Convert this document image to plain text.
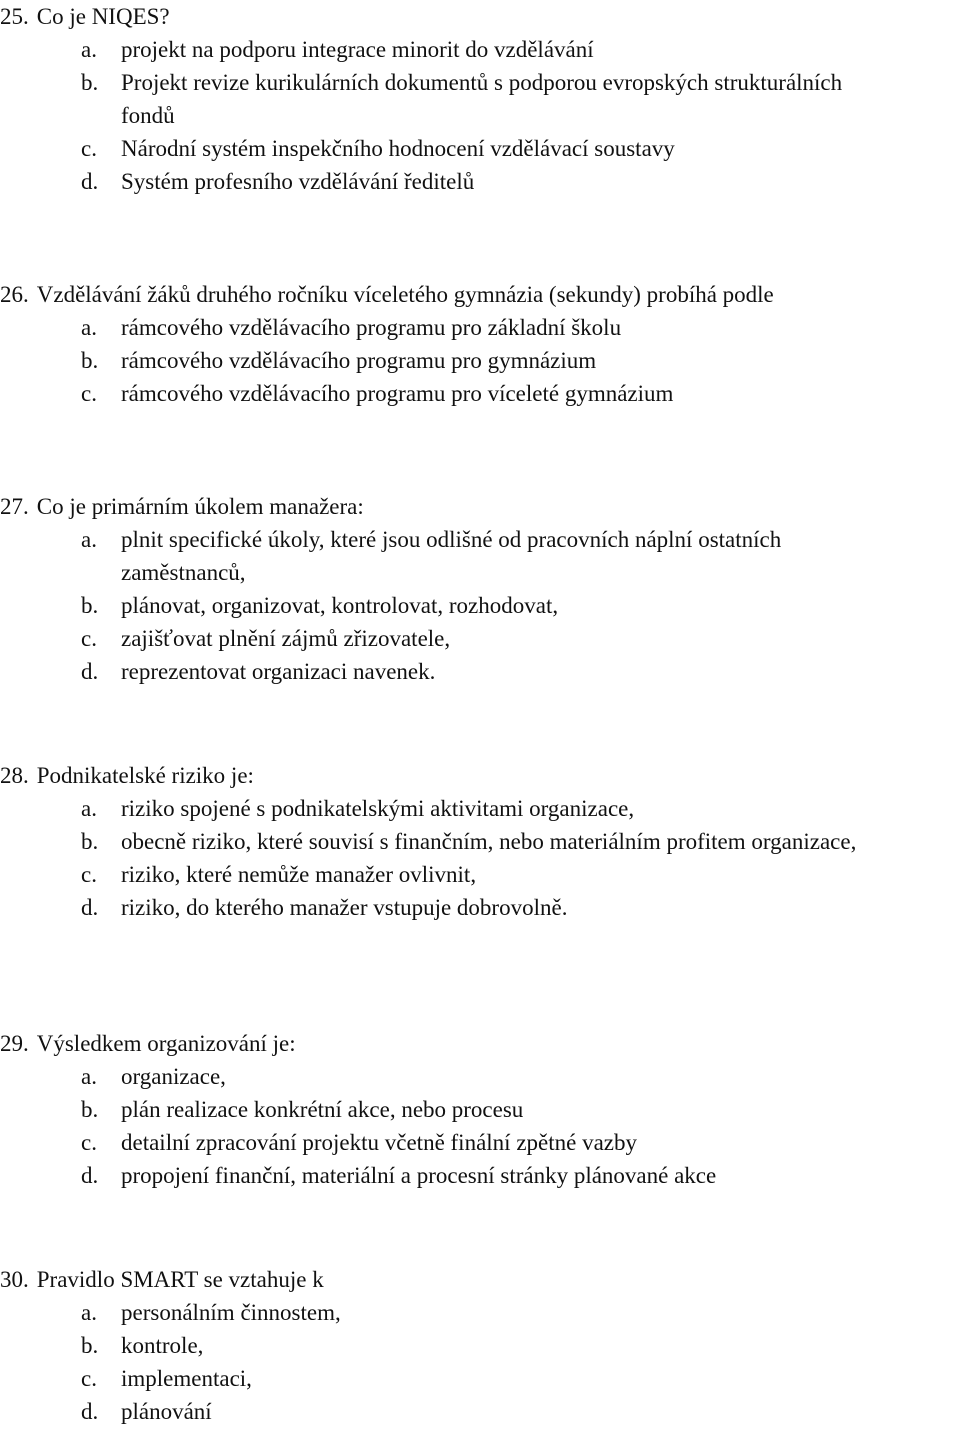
25. Co je NIQES?
a.	projekt na podporu integrace minorit do vzdělávání
b. Projekt revize kurikulárních dokumentů s podporou evropských strukturálních fondů
c.	Národní systém inspekčního hodnocení vzdělávací soustavy
d. Systém profesního vzdělávání ředitelů
26. Vzdělávání žáků druhého ročníku víceletého gymnázia (sekundy) probíhá podle
a.	rámcového vzdělávacího programu pro základní školu
b. rámcového vzdělávacího programu pro gymnázium
c.	rámcového vzdělávacího programu pro víceleté gymnázium
27. Co je primárním úkolem manažera:
a.	plnit specifické úkoly, které jsou odlišné od pracovních náplní ostatních zaměstnanců,
b. plánovat, organizovat, kontrolovat, rozhodovat,
c.	zajišťovat plnění zájmů zřizovatele,
d. reprezentovat organizaci navenek.
28. Podnikatelské riziko je:
a.	riziko spojené s podnikatelskými aktivitami organizace,
b. obecně riziko, které souvisí s finančním, nebo materiálním profitem organizace,
c.	riziko, které nemůže manažer ovlivnit,
d. riziko, do kterého manažer vstupuje dobrovolně.
29. Výsledkem organizování je:
a.	organizace,
b. plán realizace konkrétní akce, nebo procesu
c.	detailní zpracování projektu včetně finální zpětné vazby
d. propojení finanční, materiální a procesní stránky plánované akce
30. Pravidlo SMART se vztahuje k
a.	personálním činnostem,
b. kontrole,
c.	implementaci,
d. plánování
